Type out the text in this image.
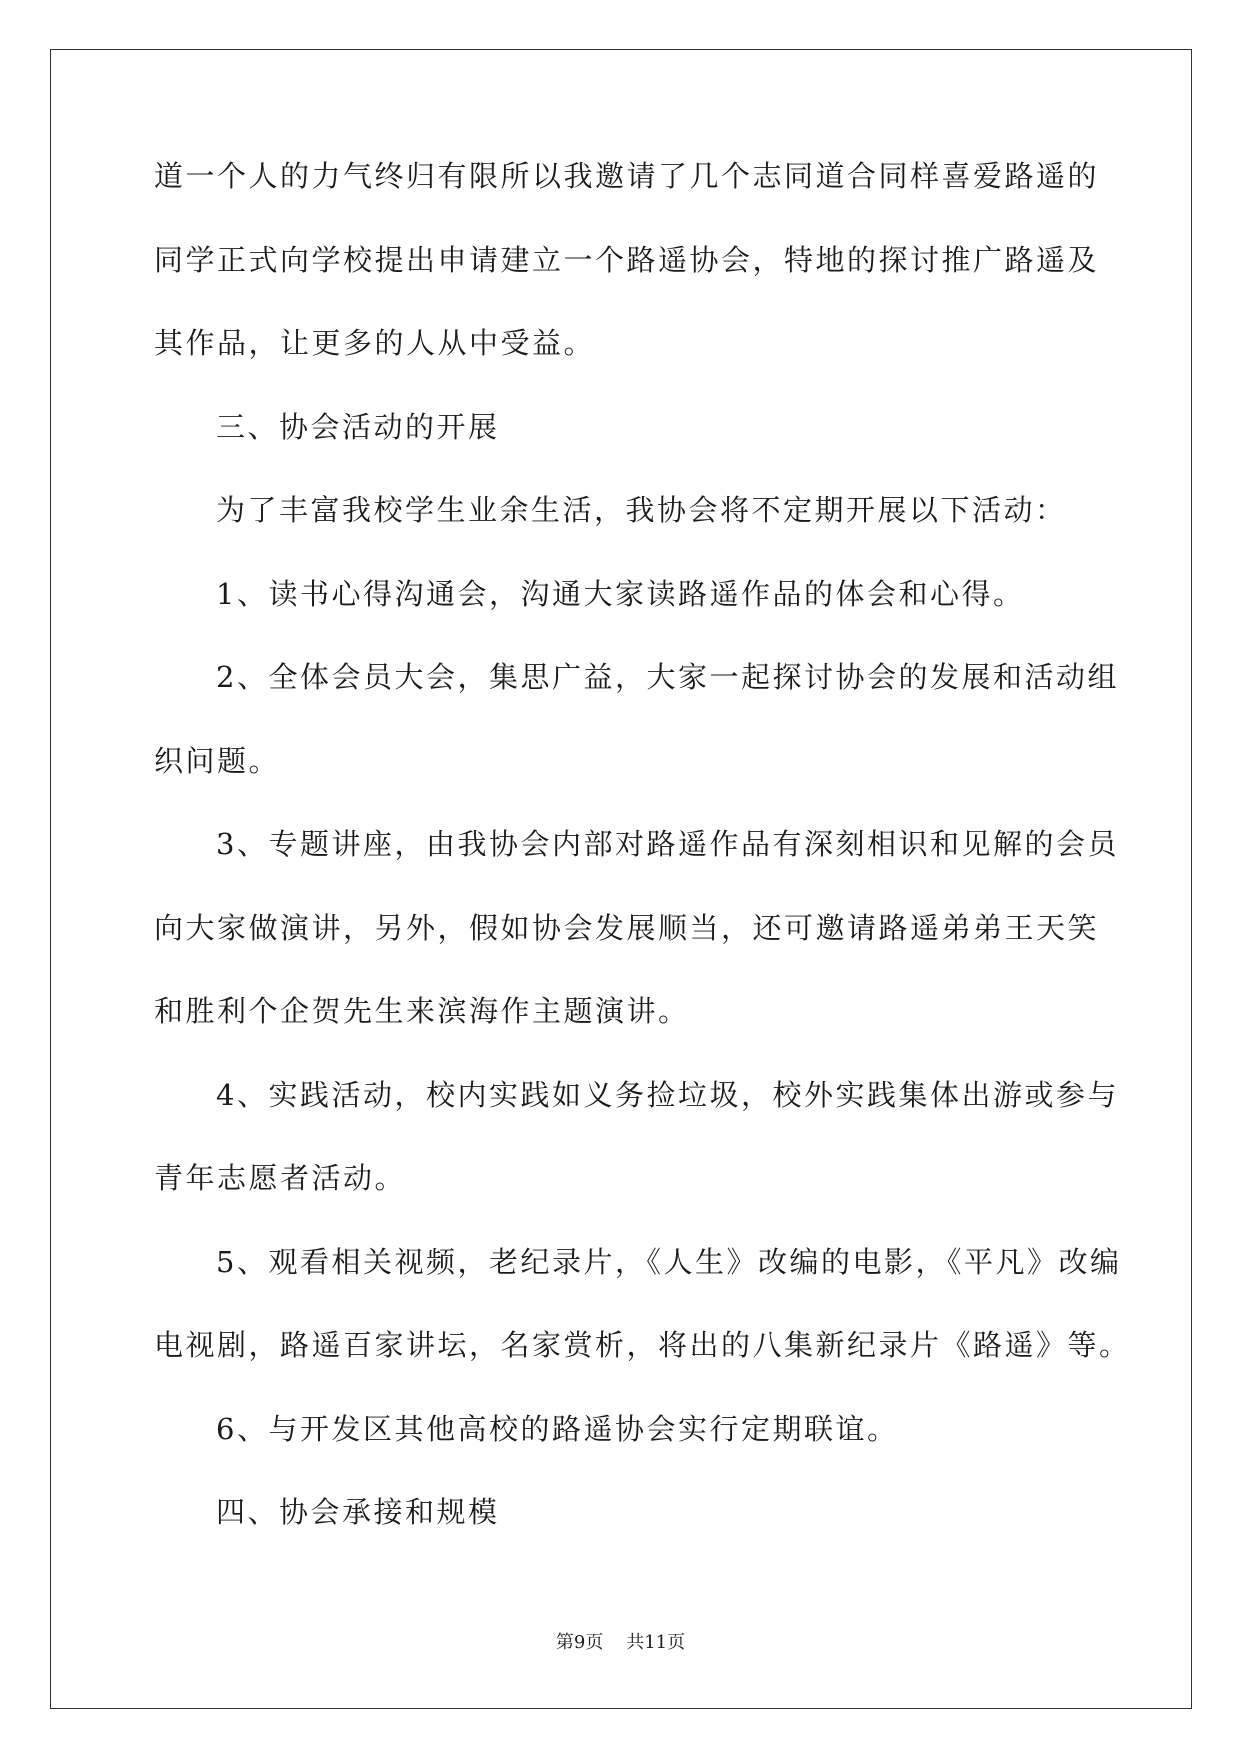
道一个人的力气终归有限所以我邀请了几个志同道合同样喜爱路遥的
同学正式向学校提出申请建立一个路遥协会，特地的探讨推广路遥及
其作品，让更多的人从中受益。
三、协会活动的开展
为了丰富我校学生业余生活，我协会将不定期开展以下活动：
1、读书心得沟通会，沟通大家读路遥作品的体会和心得。
2、全体会员大会，集思广益，大家一起探讨协会的发展和活动组
织问题。
3、专题讲座，由我协会内部对路遥作品有深刻相识和见解的会员
向大家做演讲，另外，假如协会发展顺当，还可邀请路遥弟弟王天笑
和胜利个企贺先生来滨海作主题演讲。
4、实践活动，校内实践如义务捡垃圾，校外实践集体出游或参与
青年志愿者活动。
5、观看相关视频，老纪录片，《人生》改编的电影，《平凡》改编
电视剧，路遥百家讲坛，名家赏析，将出的八集新纪录片《路遥》等。
6、与开发区其他高校的路遥协会实行定期联谊。
四、协会承接和规模
第9页 共11页
